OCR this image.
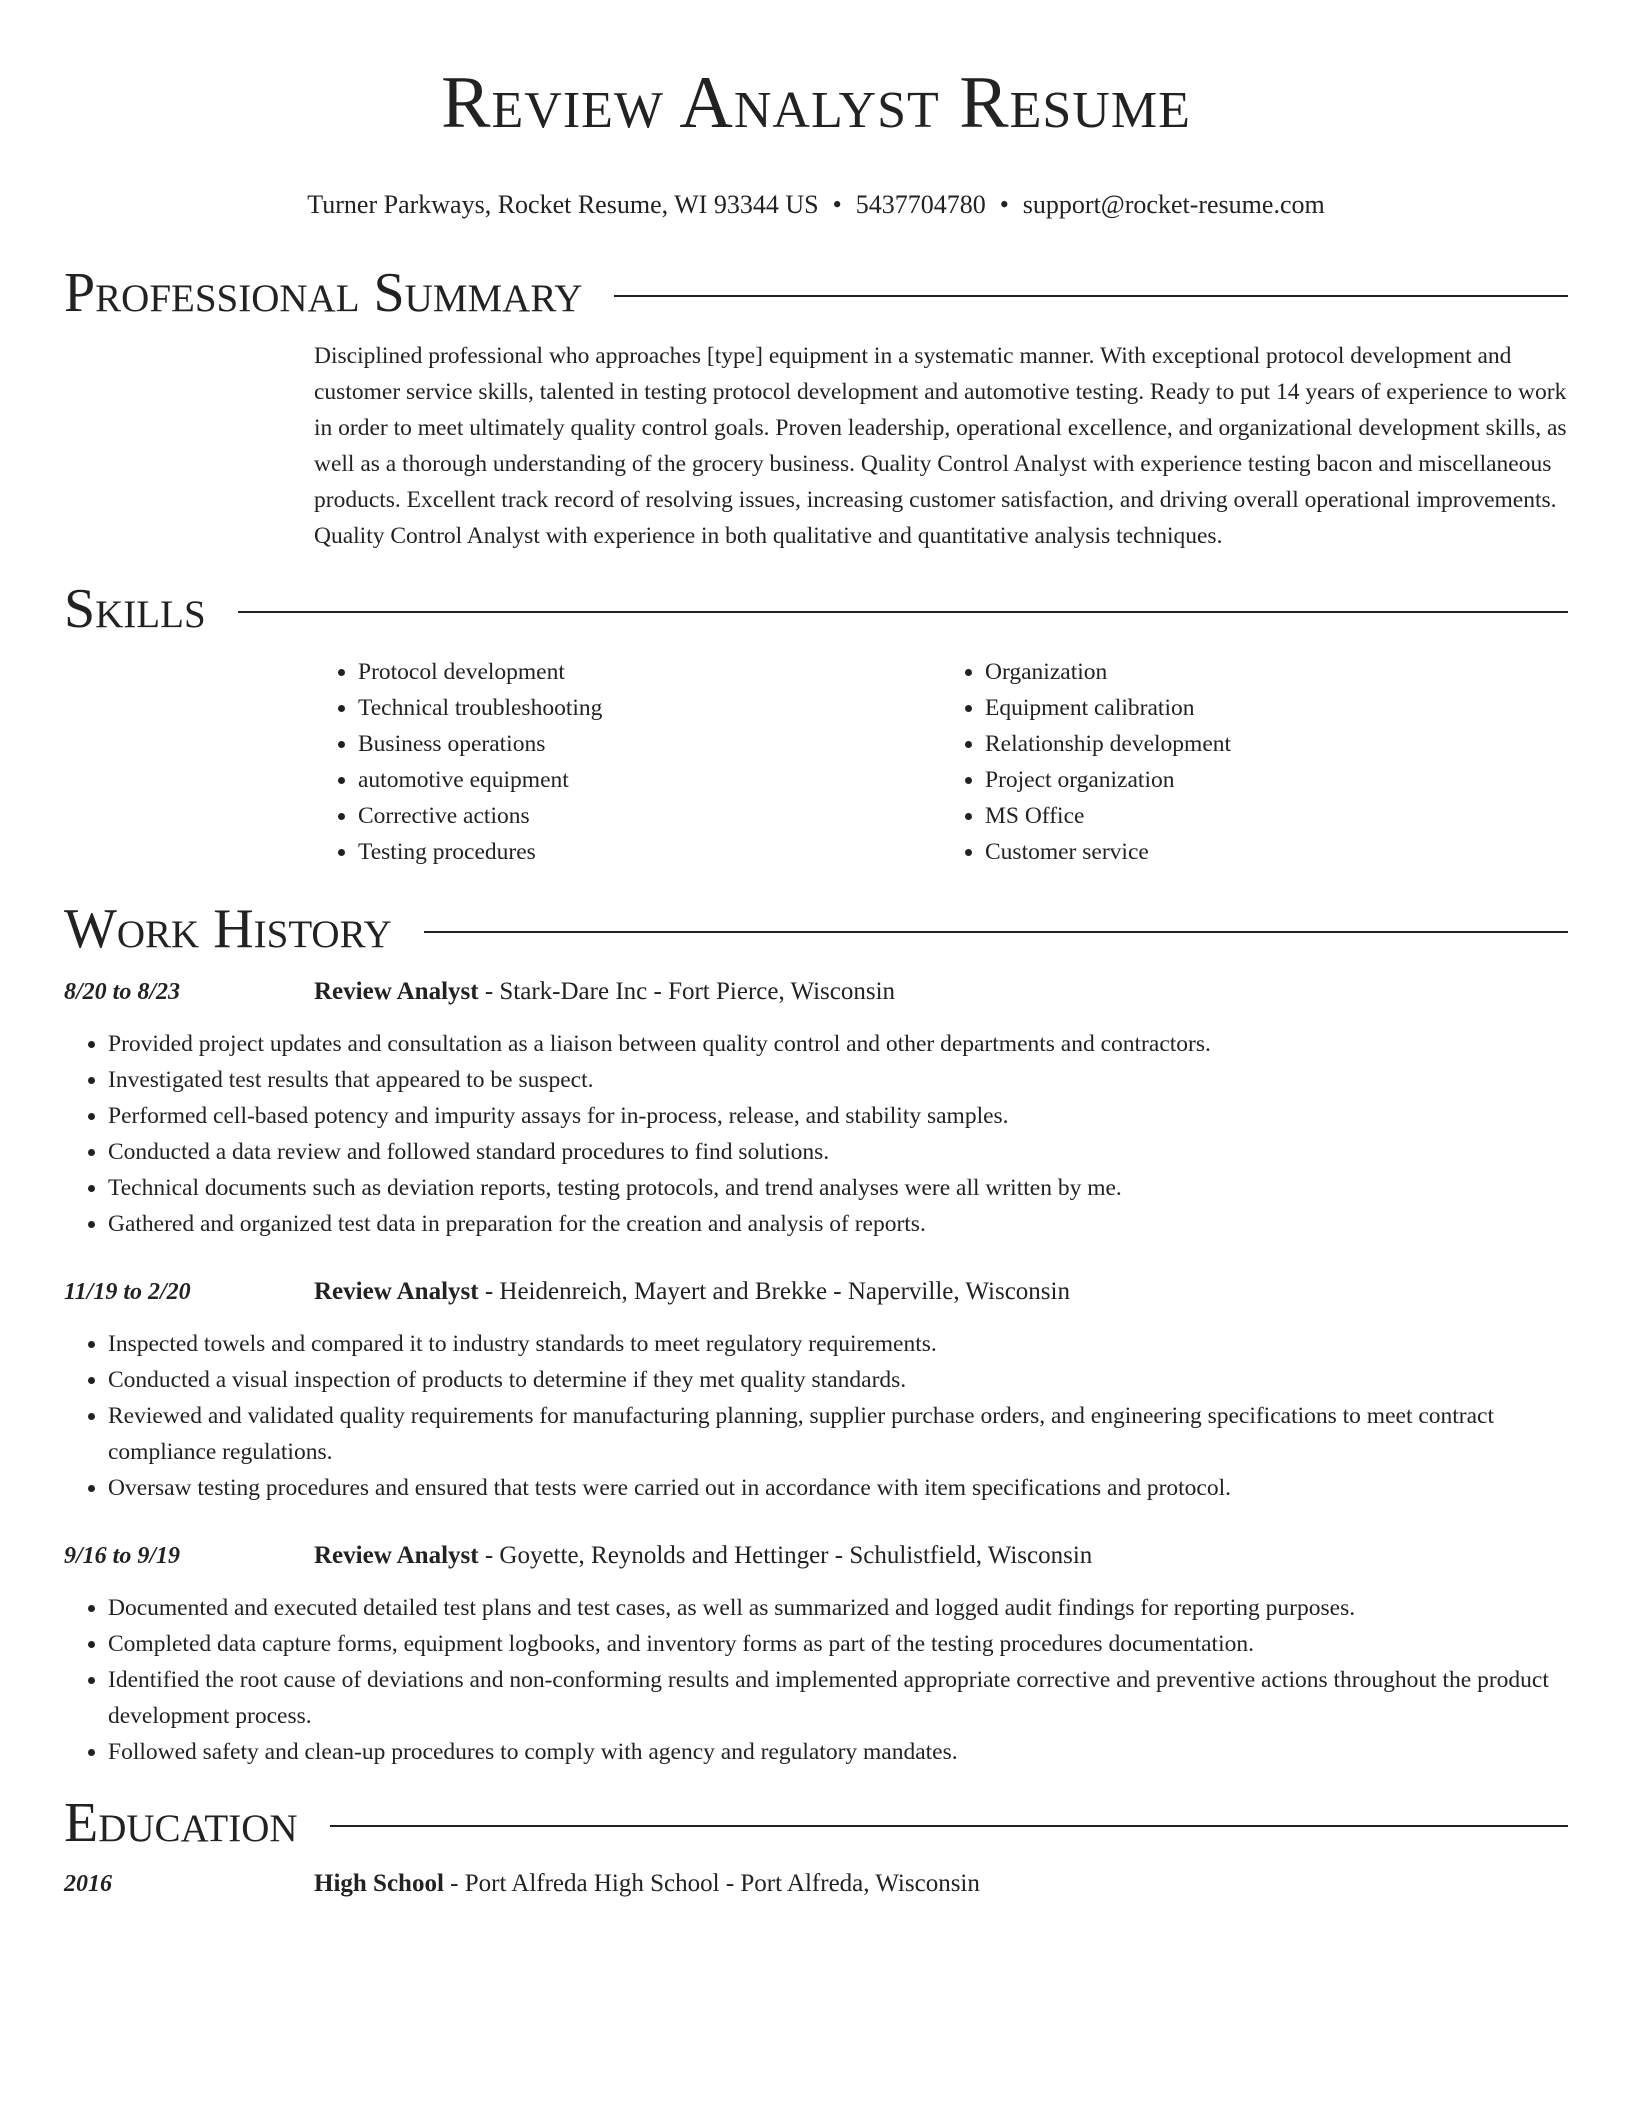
Review Analyst Resume
Turner Parkways, Rocket Resume, WI 93344 US • 5437704780 • support@rocket-resume.com
Professional Summary
Disciplined professional who approaches [type] equipment in a systematic manner. With exceptional protocol development and customer service skills, talented in testing protocol development and automotive testing. Ready to put 14 years of experience to work in order to meet ultimately quality control goals. Proven leadership, operational excellence, and organizational development skills, as well as a thorough understanding of the grocery business. Quality Control Analyst with experience testing bacon and miscellaneous products. Excellent track record of resolving issues, increasing customer satisfaction, and driving overall operational improvements. Quality Control Analyst with experience in both qualitative and quantitative analysis techniques.
Skills
• Protocol development
• Technical troubleshooting
• Business operations
• automotive equipment
• Corrective actions
• Testing procedures
• Organization
• Equipment calibration
• Relationship development
• Project organization
• MS Office
• Customer service
Work History
8/20 to 8/23	Review Analyst - Stark-Dare Inc - Fort Pierce, Wisconsin
• Provided project updates and consultation as a liaison between quality control and other departments and contractors.
• Investigated test results that appeared to be suspect.
• Performed cell-based potency and impurity assays for in-process, release, and stability samples.
• Conducted a data review and followed standard procedures to find solutions.
• Technical documents such as deviation reports, testing protocols, and trend analyses were all written by me.
• Gathered and organized test data in preparation for the creation and analysis of reports.
11/19 to 2/20	Review Analyst - Heidenreich, Mayert and Brekke - Naperville, Wisconsin
• Inspected towels and compared it to industry standards to meet regulatory requirements.
• Conducted a visual inspection of products to determine if they met quality standards.
• Reviewed and validated quality requirements for manufacturing planning, supplier purchase orders, and engineering specifications to meet contract compliance regulations.
• Oversaw testing procedures and ensured that tests were carried out in accordance with item specifications and protocol.
9/16 to 9/19	Review Analyst - Goyette, Reynolds and Hettinger - Schulistfield, Wisconsin
• Documented and executed detailed test plans and test cases, as well as summarized and logged audit findings for reporting purposes.
• Completed data capture forms, equipment logbooks, and inventory forms as part of the testing procedures documentation.
• Identified the root cause of deviations and non-conforming results and implemented appropriate corrective and preventive actions throughout the product development process.
• Followed safety and clean-up procedures to comply with agency and regulatory mandates.
Education
2016	High School - Port Alfreda High School - Port Alfreda, Wisconsin
